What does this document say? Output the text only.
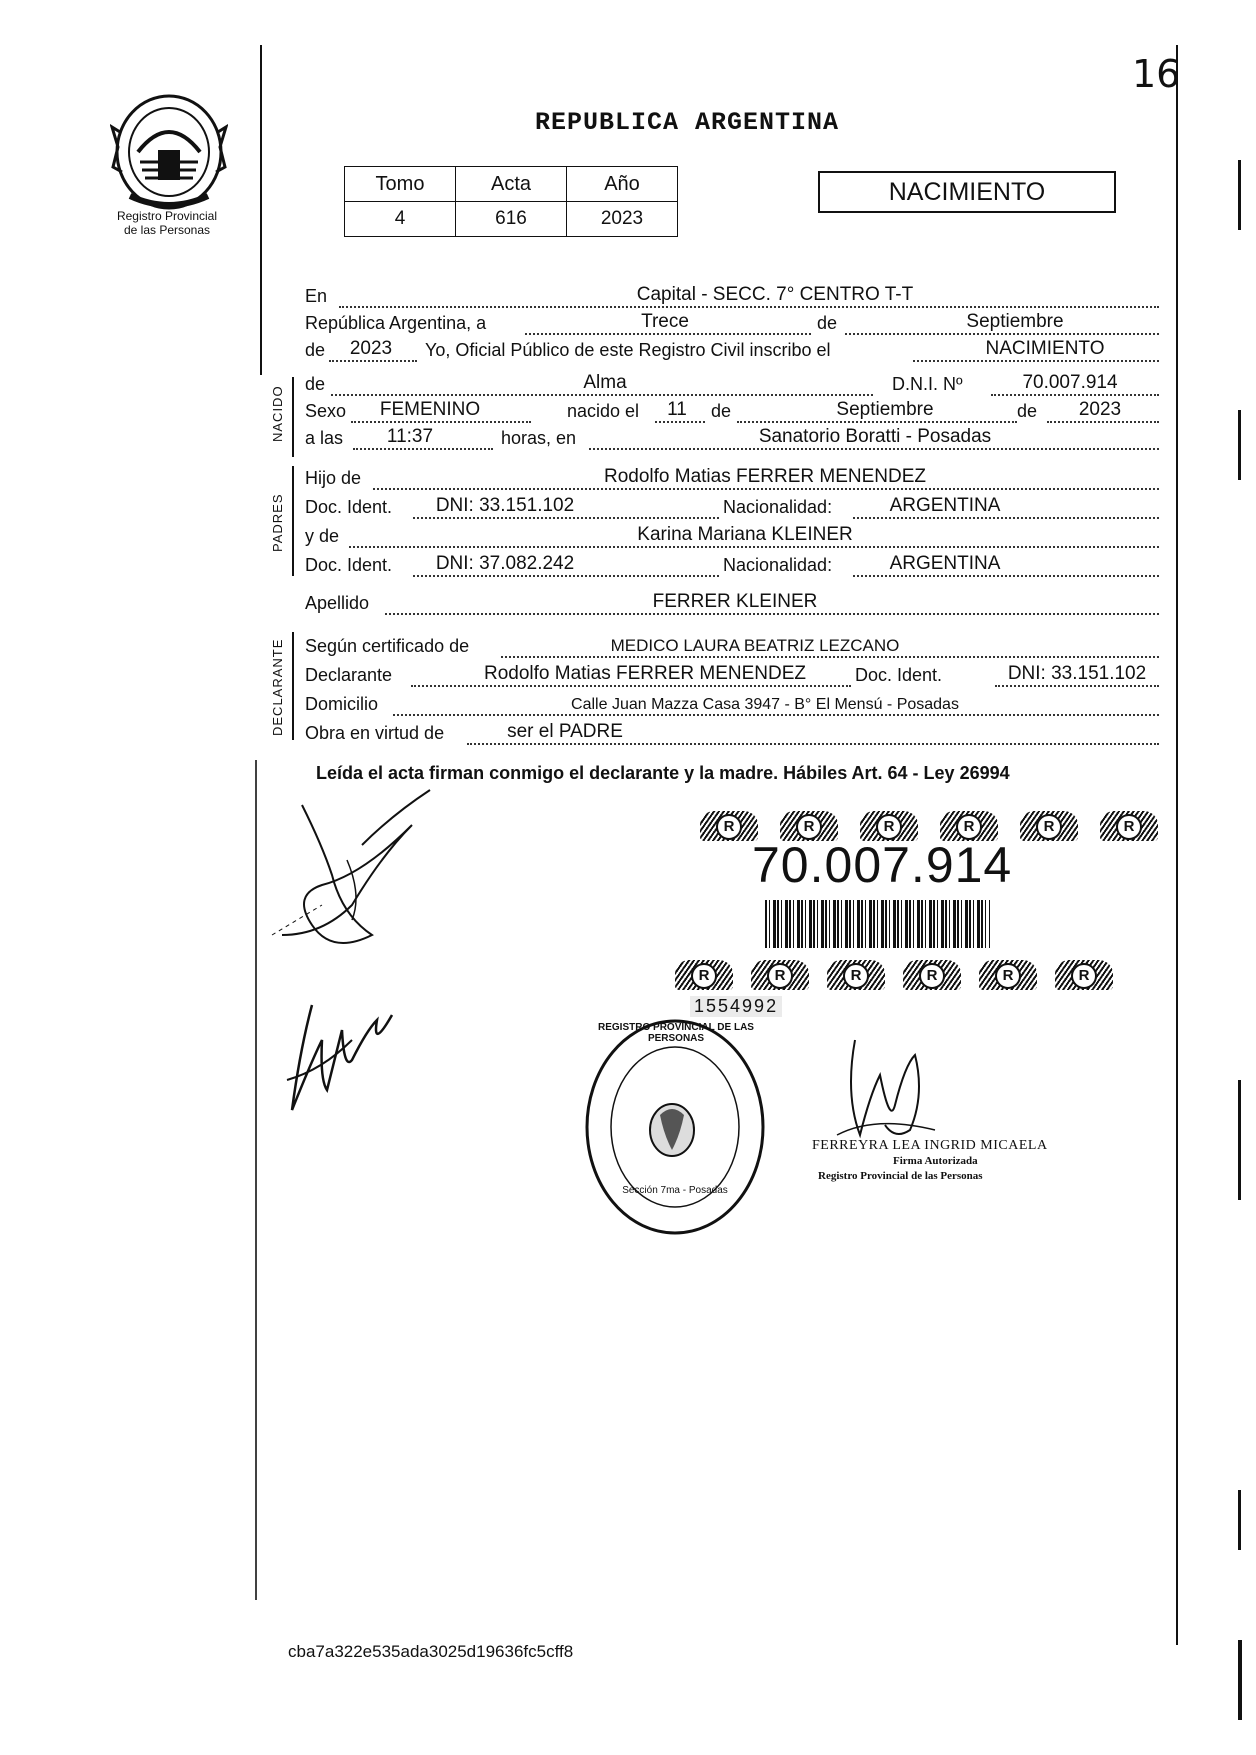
16
Registro Provincial
de las Personas
REPUBLICA ARGENTINA
Tomo	Acta	Año
4	616	2023
NACIMIENTO
En	Capital - SECC. 7° CENTRO T-T
República Argentina, a	Trece	de	Septiembre
de	2023	Yo, Oficial Público de este Registro Civil inscribo el	NACIMIENTO
NACIDO
de	Alma	D.N.I. Nº	70.007.914
Sexo	FEMENINO	nacido el	11	de	Septiembre	de	2023
a las	11:37	horas, en	Sanatorio Boratti - Posadas
PADRES
Hijo de	Rodolfo Matias FERRER MENENDEZ
Doc. Ident.	DNI: 33.151.102	Nacionalidad:	ARGENTINA
y de	Karina Mariana KLEINER
Doc. Ident.	DNI: 37.082.242	Nacionalidad:	ARGENTINA
Apellido	FERRER KLEINER
DECLARANTE Según certificado de	MEDICO LAURA BEATRIZ LEZCANO
Declarante	Rodolfo Matias FERRER MENENDEZ	Doc. Ident.	DNI: 33.151.102
Domicilio	Calle Juan Mazza Casa 3947 - B° El Mensú - Posadas
Obra en virtud de	ser el PADRE
Leída el acta firman conmigo el declarante y la madre. Hábiles Art. 64 - Ley 26994
R	R	R	R	R	R
70.007.914
R	R	R	R	R	R
1554992
REGISTRO PROVINCIAL DE LAS PERSONAS
Sección 7ma - Posadas
FERREYRA LEA INGRID MICAELA
Firma Autorizada
Registro Provincial de las Personas
cba7a322e535ada3025d19636fc5cff8
